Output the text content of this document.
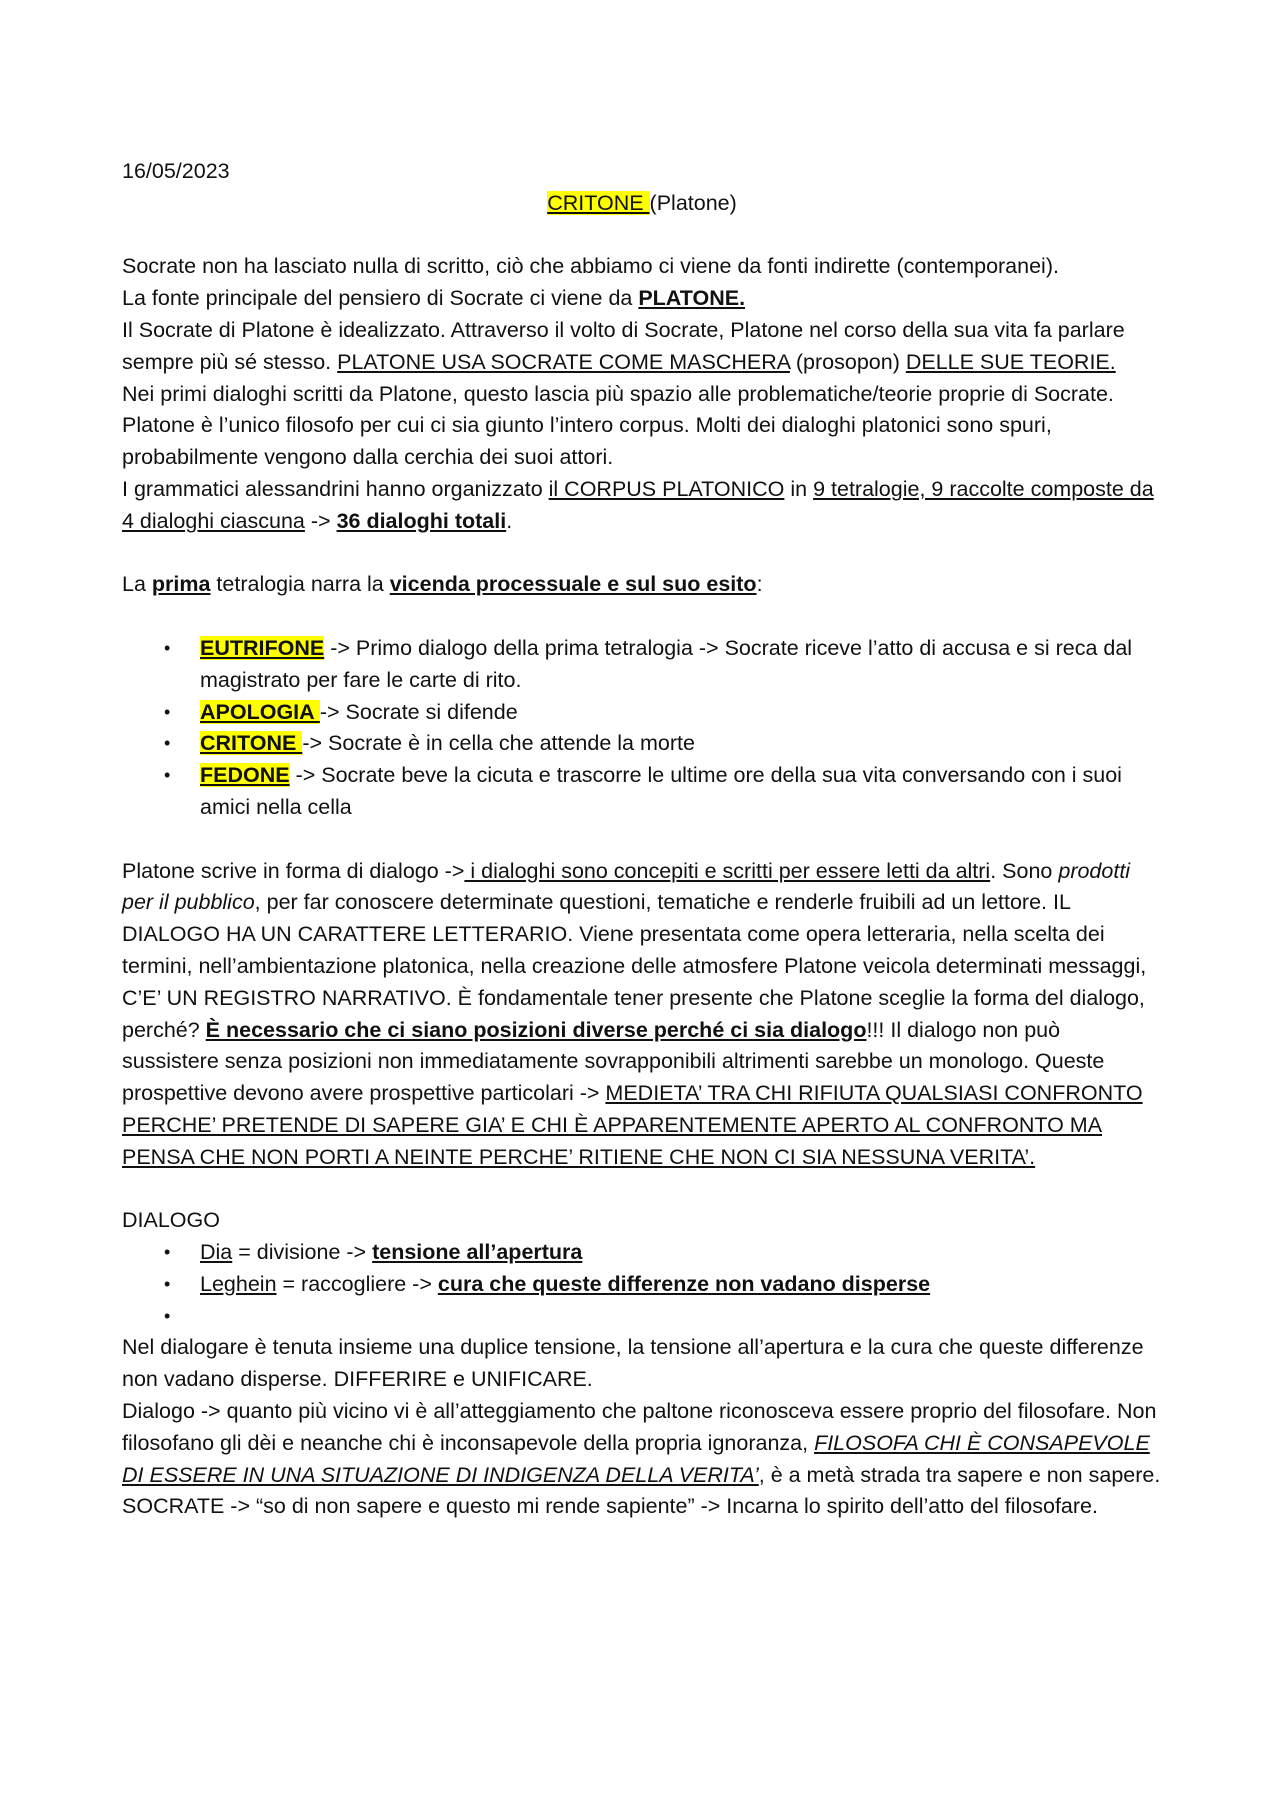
16/05/2023

CRITONE (Platone)

Socrate non ha lasciato nulla di scritto, ciò che abbiamo ci viene da fonti indirette (contemporanei).

La fonte principale del pensiero di Socrate ci viene da PLATONE.

Il Socrate di Platone è idealizzato. Attraverso il volto di Socrate, Platone nel corso della sua vita fa parlare sempre più sé stesso. PLATONE USA SOCRATE COME MASCHERA (prosopon) DELLE SUE TEORIE.

Nei primi dialoghi scritti da Platone, questo lascia più spazio alle problematiche/teorie proprie di Socrate.

Platone è l’unico filosofo per cui ci sia giunto l’intero corpus. Molti dei dialoghi platonici sono spuri, probabilmente vengono dalla cerchia dei suoi attori.

I grammatici alessandrini hanno organizzato il CORPUS PLATONICO in 9 tetralogie, 9 raccolte composte da 4 dialoghi ciascuna -> 36 dialoghi totali.

La prima tetralogia narra la vicenda processuale e sul suo esito:

• EUTRIFONE -> Primo dialogo della prima tetralogia -> Socrate riceve l’atto di accusa e si reca dal magistrato per fare le carte di rito.
• APOLOGIA -> Socrate si difende
• CRITONE -> Socrate è in cella che attende la morte
• FEDONE -> Socrate beve la cicuta e trascorre le ultime ore della sua vita conversando con i suoi amici nella cella

Platone scrive in forma di dialogo -> i dialoghi sono concepiti e scritti per essere letti da altri. Sono prodotti per il pubblico, per far conoscere determinate questioni, tematiche e renderle fruibili ad un lettore. IL DIALOGO HA UN CARATTERE LETTERARIO. Viene presentata come opera letteraria, nella scelta dei termini, nell’ambientazione platonica, nella creazione delle atmosfere Platone veicola determinati messaggi, C’E’ UN REGISTRO NARRATIVO. È fondamentale tener presente che Platone sceglie la forma del dialogo, perché? È necessario che ci siano posizioni diverse perché ci sia dialogo!!! Il dialogo non può sussistere senza posizioni non immediatamente sovrapponibili altrimenti sarebbe un monologo. Queste prospettive devono avere prospettive particolari -> MEDIETA’ TRA CHI RIFIUTA QUALSIASI CONFRONTO PERCHE’ PRETENDE DI SAPERE GIA’ E CHI È APPARENTEMENTE APERTO AL CONFRONTO MA PENSA CHE NON PORTI A NEINTE PERCHE’ RITIENE CHE NON CI SIA NESSUNA VERITA’.

DIALOGO

• Dia = divisione -> tensione all’apertura
• Leghein = raccogliere -> cura che queste differenze non vadano disperse
•

Nel dialogare è tenuta insieme una duplice tensione, la tensione all’apertura e la cura che queste differenze non vadano disperse. DIFFERIRE e UNIFICARE.

Dialogo -> quanto più vicino vi è all’atteggiamento che paltone riconosceva essere proprio del filosofare. Non filosofano gli dèi e neanche chi è inconsapevole della propria ignoranza, FILOSOFA CHI È CONSAPEVOLE DI ESSERE IN UNA SITUAZIONE DI INDIGENZA DELLA VERITA’, è a metà strada tra sapere e non sapere.

SOCRATE -> “so di non sapere e questo mi rende sapiente” -> Incarna lo spirito dell’atto del filosofare.
